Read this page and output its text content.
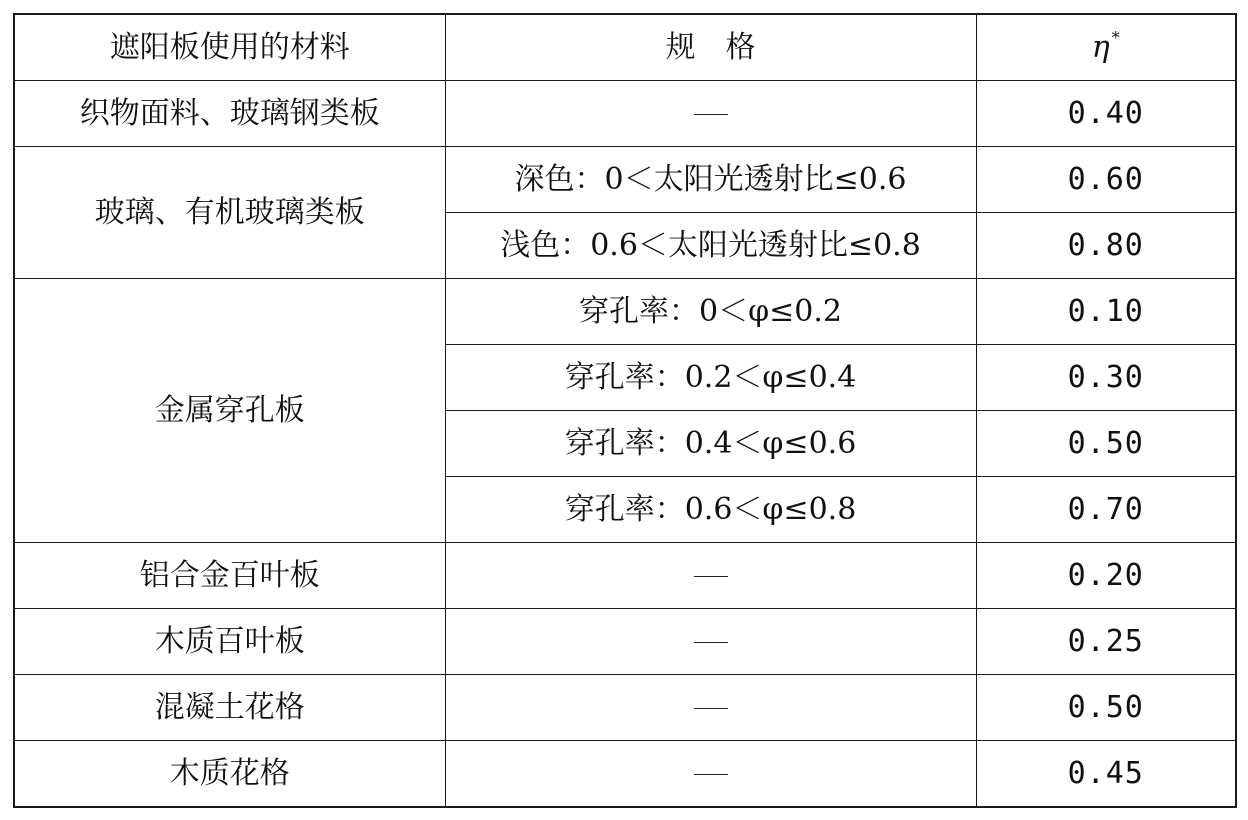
遮阳板使用的材料	规　格	η *
织物面料、玻璃钢类板		0.40
玻璃、有机玻璃类板	深色：0＜太阳光透射比≤0.6	0.60
	浅色：0.6＜太阳光透射比≤0.8	0.80
金属穿孔板	穿孔率：0＜φ≤0.2	0.10
	穿孔率：0.2＜φ≤0.4	0.30
	穿孔率：0.4＜φ≤0.6	0.50
	穿孔率：0.6＜φ≤0.8	0.70
铝合金百叶板		0.20
木质百叶板		0.25
混凝土花格		0.50
木质花格		0.45
